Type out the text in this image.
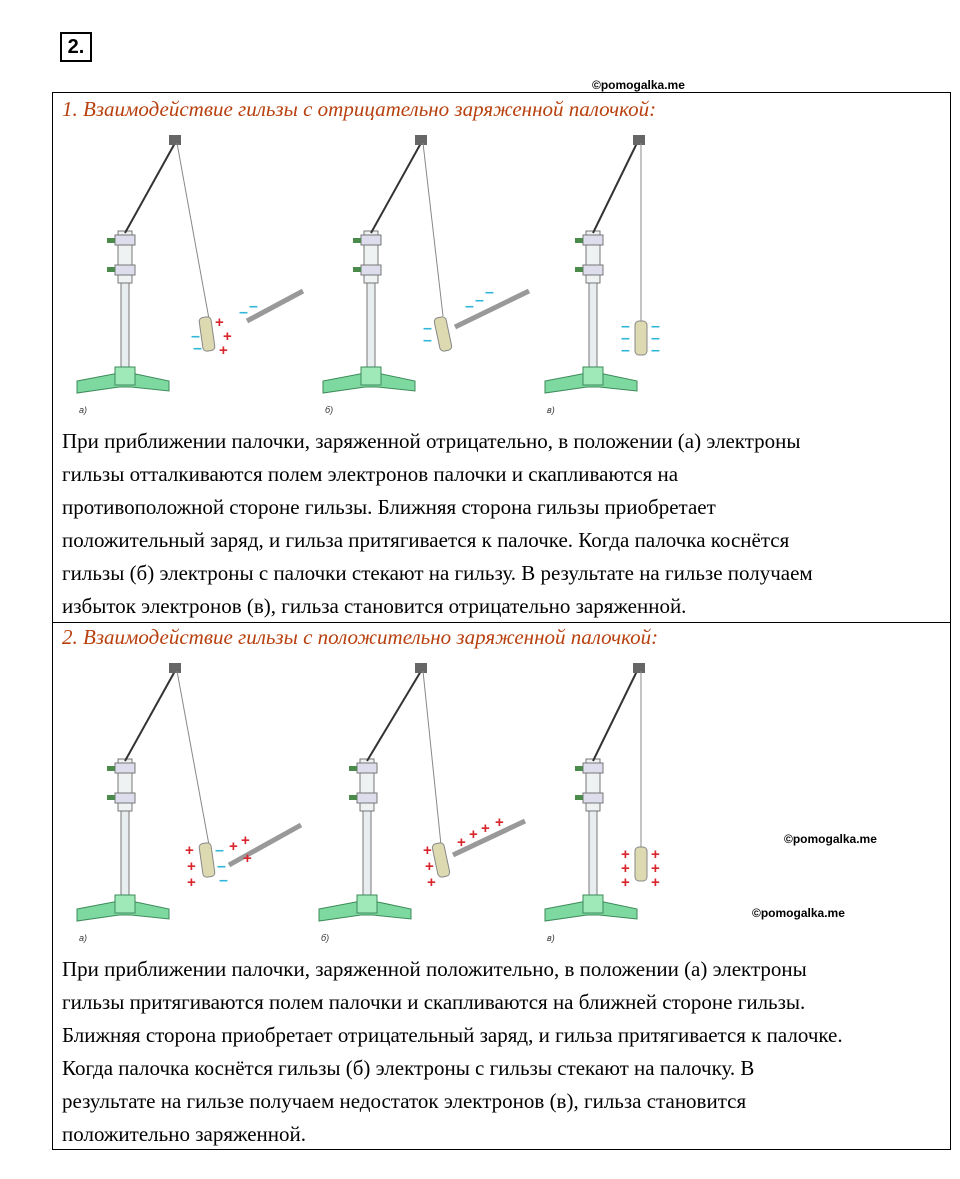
2.
©pomogalka.me
©pomogalka.me
©pomogalka.me
1. Взаимодействие гильзы с отрицательно заряженной палочкой:
+
+
+
–
–
– –
а)
–
–
– – –
б)
–
–
–
–
–
–
в)
При приближении палочки, заряженной отрицательно, в положении (а) электроны
гильзы отталкиваются полем электронов палочки и скапливаются на
противоположной стороне гильзы. Ближняя сторона гильзы приобретает
положительный заряд, и гильза притягивается к палочке. Когда палочка коснётся
гильзы (б) электроны с палочки стекают на гильзу. В результате на гильзе получаем
избыток электронов (в), гильза становится отрицательно заряженной.
2. Взаимодействие гильзы с положительно заряженной палочкой:
+
+
+
–
–
–
+ +
+
а)
+
+
+
+ + + +
б)
+
+
+
+
+
+
в)
При приближении палочки, заряженной положительно, в положении (а) электроны
гильзы притягиваются полем палочки и скапливаются на ближней стороне гильзы.
Ближняя сторона приобретает отрицательный заряд, и гильза притягивается к палочке.
Когда палочка коснётся гильзы (б) электроны с гильзы стекают на палочку. В
результате на гильзе получаем недостаток электронов (в), гильза становится
положительно заряженной.
